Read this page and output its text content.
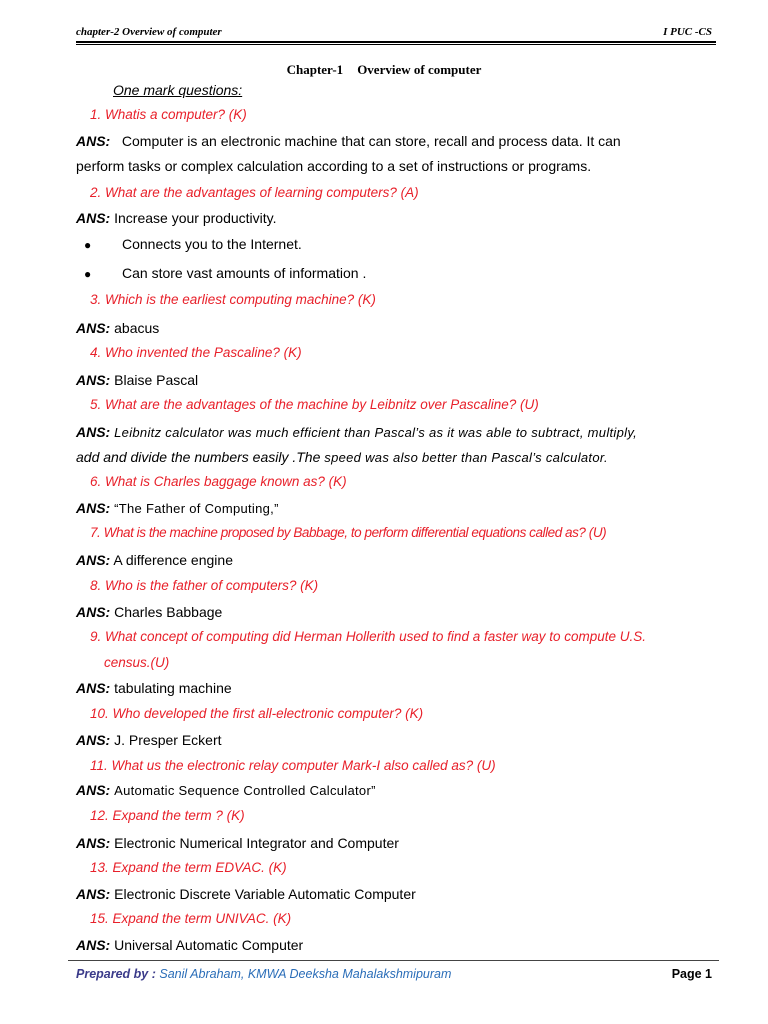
chapter-2 Overview of computer	I PUC -CS
Chapter-1 Overview of computer
One mark questions:
1. Whatis a computer? (K)
ANS: Computer is an electronic machine that can store, recall and process data. It can
perform tasks or complex calculation according to a set of instructions or programs.
2. What are the advantages of learning computers? (A)
ANS: Increase your productivity.
● Connects you to the Internet.
● Can store vast amounts of information .
3. Which is the earliest computing machine? (K)
ANS: abacus
4. Who invented the Pascaline? (K)
ANS: Blaise Pascal
5. What are the advantages of the machine by Leibnitz over Pascaline? (U)
ANS: Leibnitz calculator was much efficient than Pascal’s as it was able to subtract, multiply,
add and divide the numbers easily .The speed was also better than Pascal’s calculator.
6. What is Charles baggage known as? (K)
ANS: “The Father of Computing,”
7. What is the machine proposed by Babbage, to perform differential equations called as? (U)
ANS: A difference engine
8. Who is the father of computers? (K)
ANS: Charles Babbage
9. What concept of computing did Herman Hollerith used to find a faster way to compute U.S.
census.(U)
ANS: tabulating machine
10. Who developed the first all-electronic computer? (K)
ANS: J. Presper Eckert
11. What us the electronic relay computer Mark-I also called as? (U)
ANS: Automatic Sequence Controlled Calculator”
12. Expand the term ? (K)
ANS: Electronic Numerical Integrator and Computer
13. Expand the term EDVAC. (K)
ANS: Electronic Discrete Variable Automatic Computer
15. Expand the term UNIVAC. (K)
ANS: Universal Automatic Computer
Prepared by : Sanil Abraham, KMWA Deeksha Mahalakshmipuram	Page 1
